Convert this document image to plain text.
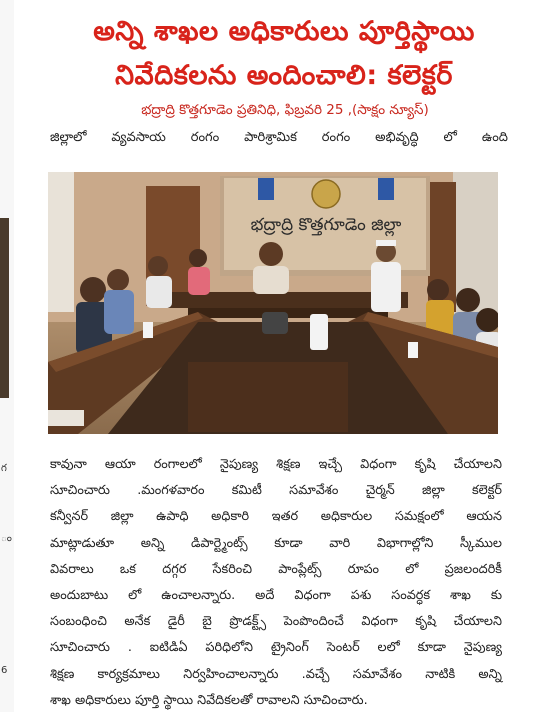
గ
ం
6
అన్ని శాఖల అధికారులు పూర్తిస్థాయి
నివేదికలను అందించాలి: కలెక్టర్
భద్రాద్రి కొత్తగూడెం ప్రతినిధి, ఫిబ్రవరి 25 ,(సాక్షం న్యూస్)
జిల్లాలో వ్యవసాయ రంగం పారిశ్రామిక రంగం అభివృద్ధి లో ఉంది
భద్రాద్రి కొత్తగూడెం జిల్లా
కావునా ఆయా రంగాలలో నైపుణ్య శిక్షణ ఇచ్చే విధంగా కృషి చేయాలని
సూచించారు .మంగళవారం కమిటీ సమావేశం చైర్మన్ జిల్లా కలెక్టర్
కన్వీనర్ జిల్లా ఉపాధి అధికారి ఇతర అధికారుల సమక్షంలో ఆయన
మాట్లాడుతూ అన్ని డిపార్ట్మెంట్స్ కూడా వారి విభాగాల్లోని స్కీముల
వివరాలు ఒక దగ్గర సేకరించి పాంప్లేట్స్ రూపం లో ప్రజలందరికీ
అందుబాటు లో ఉంచాలన్నారు. అదే విధంగా పశు సంవర్ధక శాఖ కు
సంబంధించి అనేక డైరీ బై ప్రొడక్ట్స్ పెంపొందించే విధంగా కృషి చేయాలని
సూచించారు . ఐటిడిఏ పరిధిలోని ట్రైనింగ్ సెంటర్ లలో కూడా నైపుణ్య
శిక్షణ కార్యక్రమాలు నిర్వహించాలన్నారు .వచ్చే సమావేశం నాటికి అన్ని
శాఖ అధికారులు పూర్తి స్థాయి నివేదికలతో రావాలని సూచించారు.
